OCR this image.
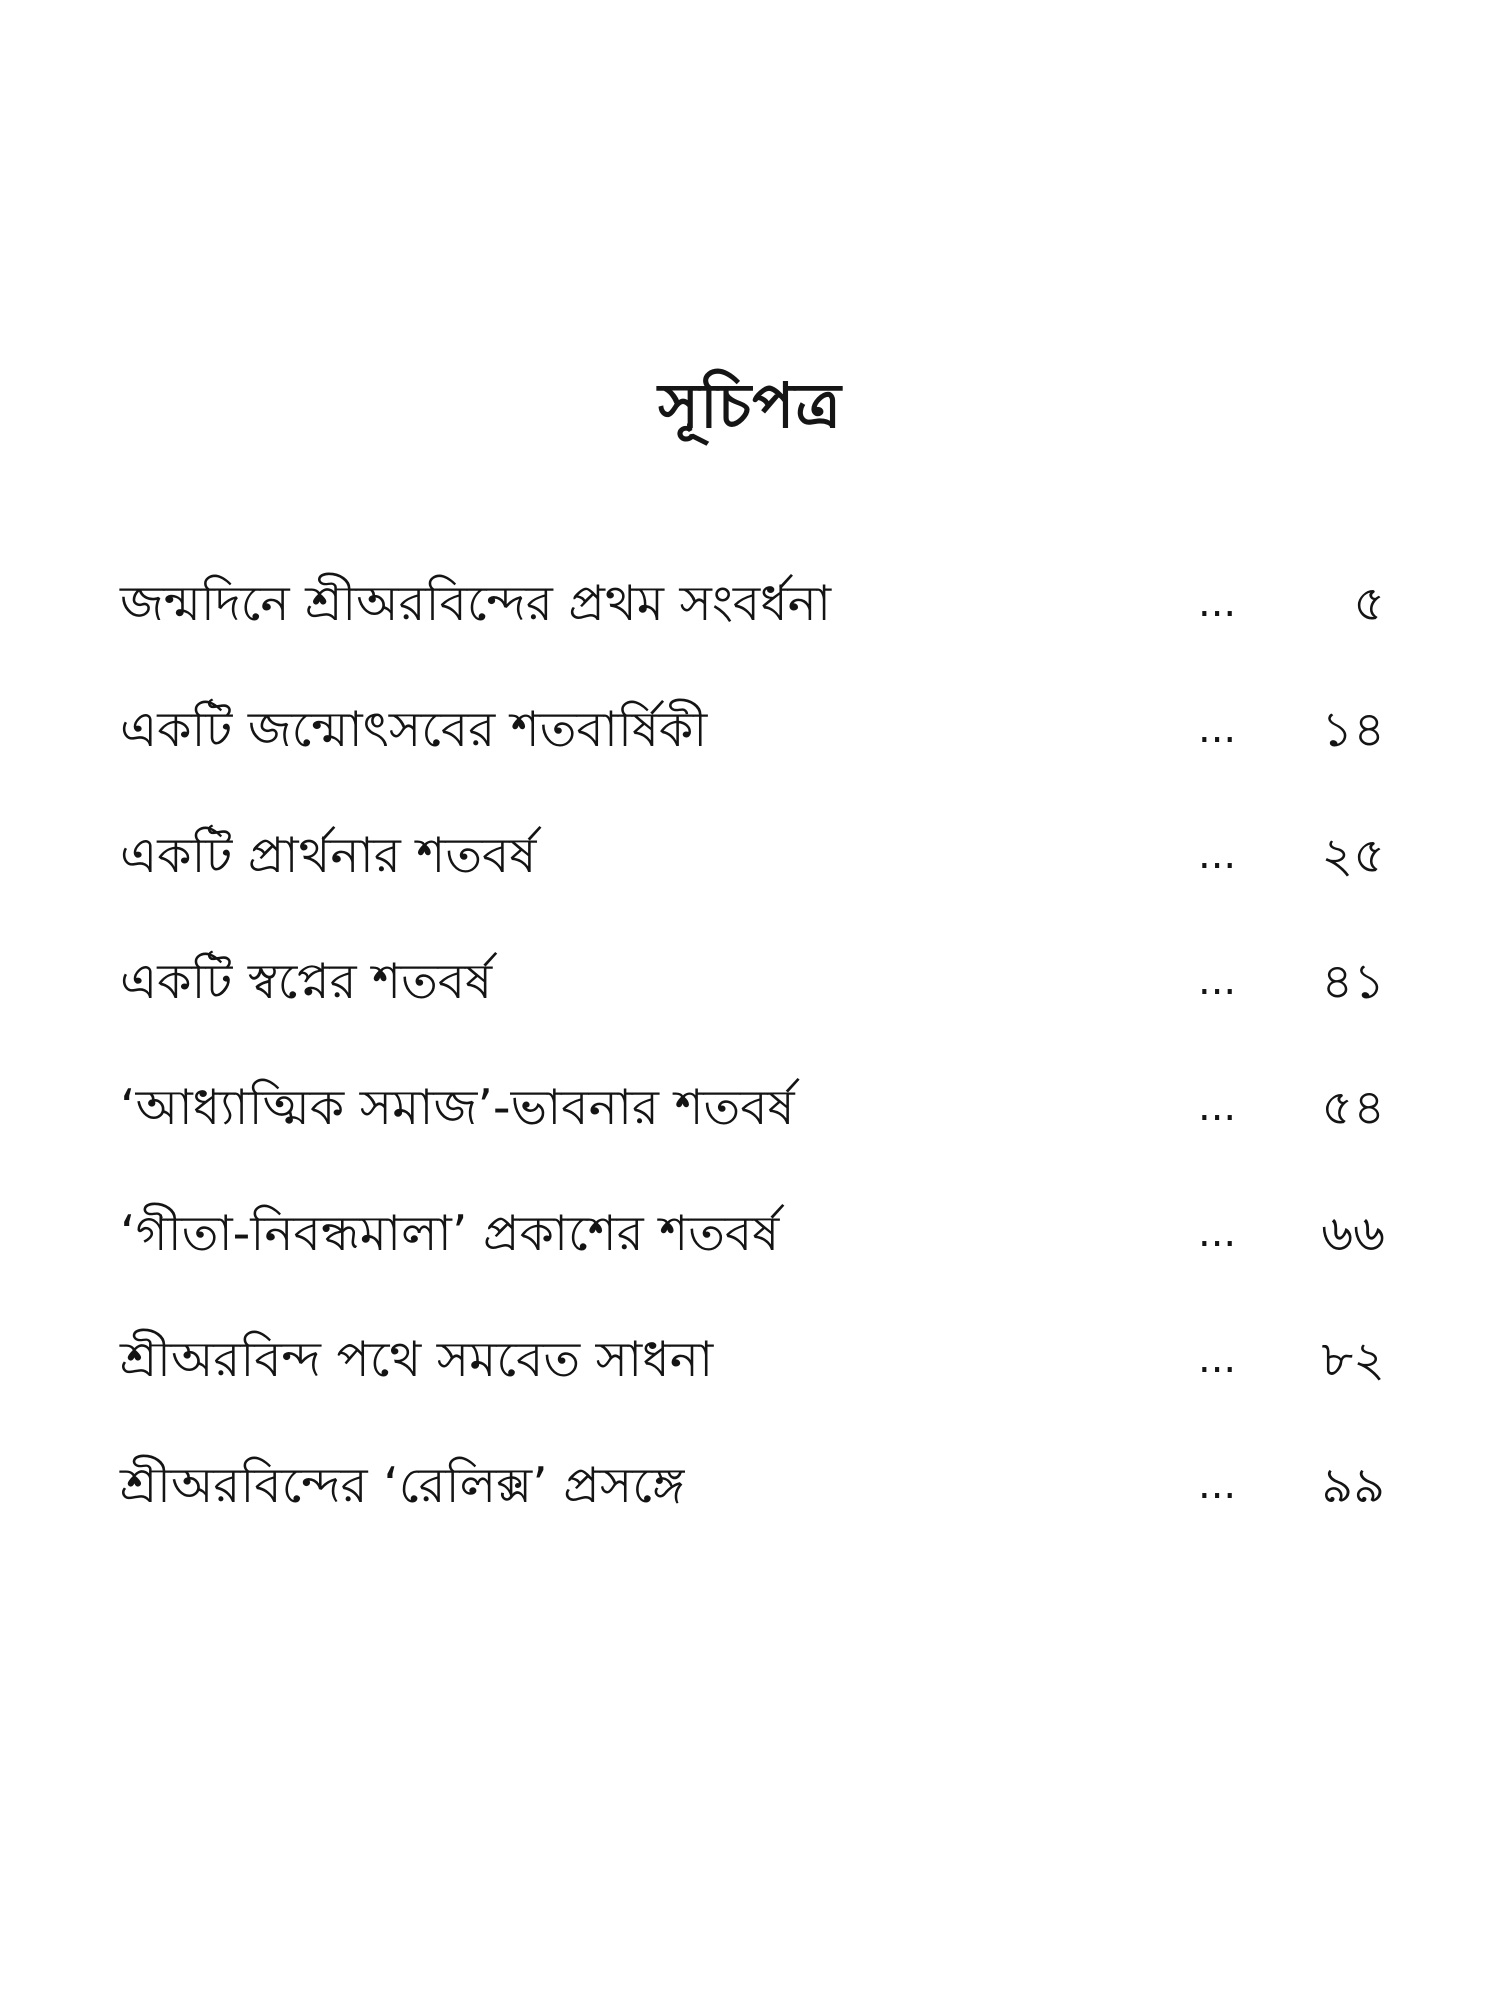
সূচিপত্র
জন্মদিনে শ্রীঅরবিন্দের প্রথম সংবর্ধনা	... ৫
একটি জন্মোৎসবের শতবার্ষিকী	... ১৪
একটি প্রার্থনার শতবর্ষ	... ২৫
একটি স্বপ্নের শতবর্ষ	... ৪১
‘আধ্যাত্মিক সমাজ’-ভাবনার শতবর্ষ	... ৫৪
‘গীতা-নিবন্ধমালা’ প্রকাশের শতবর্ষ	... ৬৬
শ্রীঅরবিন্দ পথে সমবেত সাধনা	... ৮২
শ্রীঅরবিন্দের ‘রেলিক্স’ প্রসঙ্গে	... ৯৯
